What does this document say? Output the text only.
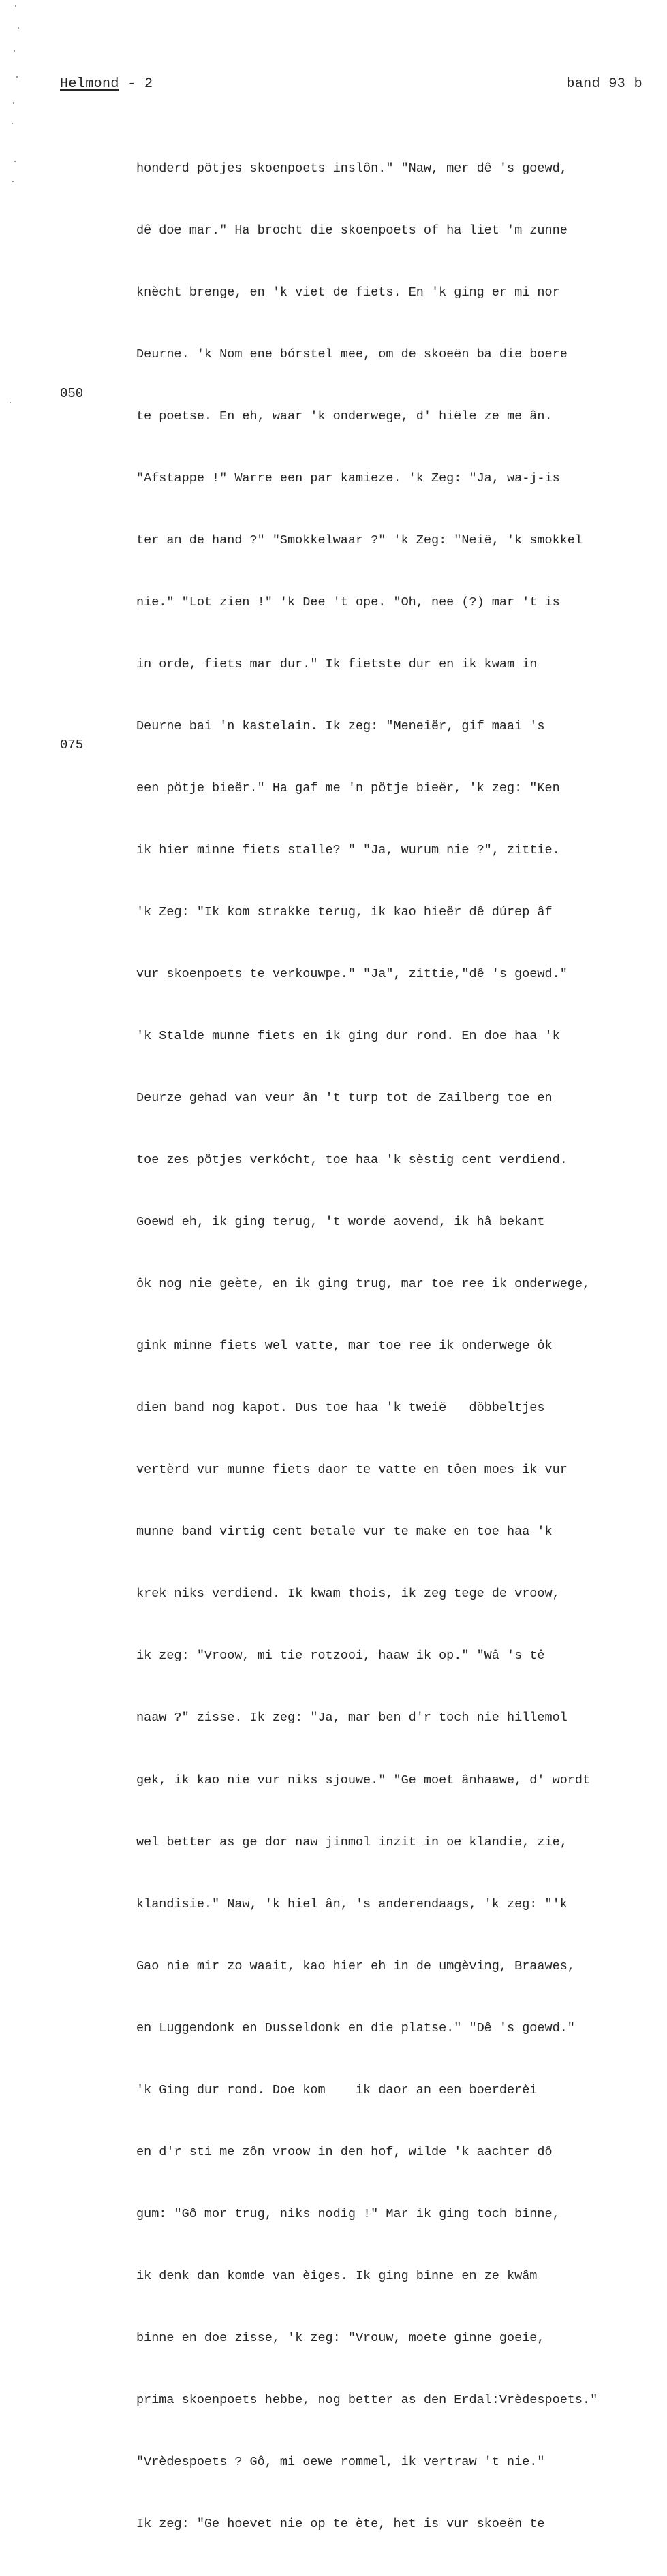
Helmond - 2	band 93 b
050
075

honderd pötjes skoenpoets inslôn." "Naw, mer dê 's goewd,

dê doe mar." Ha brocht die skoenpoets of ha liet 'm zunne

knècht brenge, en 'k viet de fiets. En 'k ging er mi nor

Deurne. 'k Nom ene bórstel mee, om de skoeën ba die boere

te poetse. En eh, waar 'k onderwege, d' hiële ze me ân.

"Afstappe !" Warre een par kamieze. 'k Zeg: "Ja, wa-j-is

ter an de hand ?" "Smokkelwaar ?" 'k Zeg: "Neië, 'k smokkel

nie." "Lot zien !" 'k Dee 't ope. "Oh, nee (?) mar 't is

in orde, fiets mar dur." Ik fietste dur en ik kwam in

Deurne bai 'n kastelain. Ik zeg: "Meneiër, gif maai 's

een pötje bieër." Ha gaf me 'n pötje bieër, 'k zeg: "Ken

ik hier minne fiets stalle? " "Ja, wurum nie ?", zittie.

'k Zeg: "Ik kom strakke terug, ik kao hieër dê dúrep âf

vur skoenpoets te verkouwpe." "Ja", zittie,"dê 's goewd."

'k Stalde munne fiets en ik ging dur rond. En doe haa 'k

Deurze gehad van veur ân 't turp tot de Zailberg toe en

toe zes pötjes verkócht, toe haa 'k sèstig cent verdiend.

Goewd eh, ik ging terug, 't worde aovend, ik hâ bekant

ôk nog nie geète, en ik ging trug, mar toe ree ik onderwege,

gink minne fiets wel vatte, mar toe ree ik onderwege ôk

dien band nog kapot. Dus toe haa 'k tweië   döbbeltjes

vertèrd vur munne fiets daor te vatte en tôen moes ik vur

munne band virtig cent betale vur te make en toe haa 'k

krek niks verdiend. Ik kwam thois, ik zeg tege de vroow,

ik zeg: "Vroow, mi tie rotzooi, haaw ik op." "Wâ 's tê

naaw ?" zisse. Ik zeg: "Ja, mar ben d'r toch nie hillemol

gek, ik kao nie vur niks sjouwe." "Ge moet ânhaawe, d' wordt

wel better as ge dor naw jinmol inzit in oe klandie, zie,

klandisie." Naw, 'k hiel ân, 's anderendaags, 'k zeg: "'k

Gao nie mir zo waait, kao hier eh in de umgèving, Braawes,

en Luggendonk en Dusseldonk en die platse." "Dê 's goewd."

'k Ging dur rond. Doe kom    ik daor an een boerderèi

en d'r sti me zôn vroow in den hof, wilde 'k aachter dô

gum: "Gô mor trug, niks nodig !" Mar ik ging toch binne,

ik denk dan komde van èiges. Ik ging binne en ze kwâm

binne en doe zisse, 'k zeg: "Vrouw, moete ginne goeie,

prima skoenpoets hebbe, nog better as den Erdal:Vrèdespoets."

"Vrèdespoets ? Gô, mi oewe rommel, ik vertraw 't nie."

Ik zeg: "Ge hoevet nie op te ète, het is vur skoeën te
